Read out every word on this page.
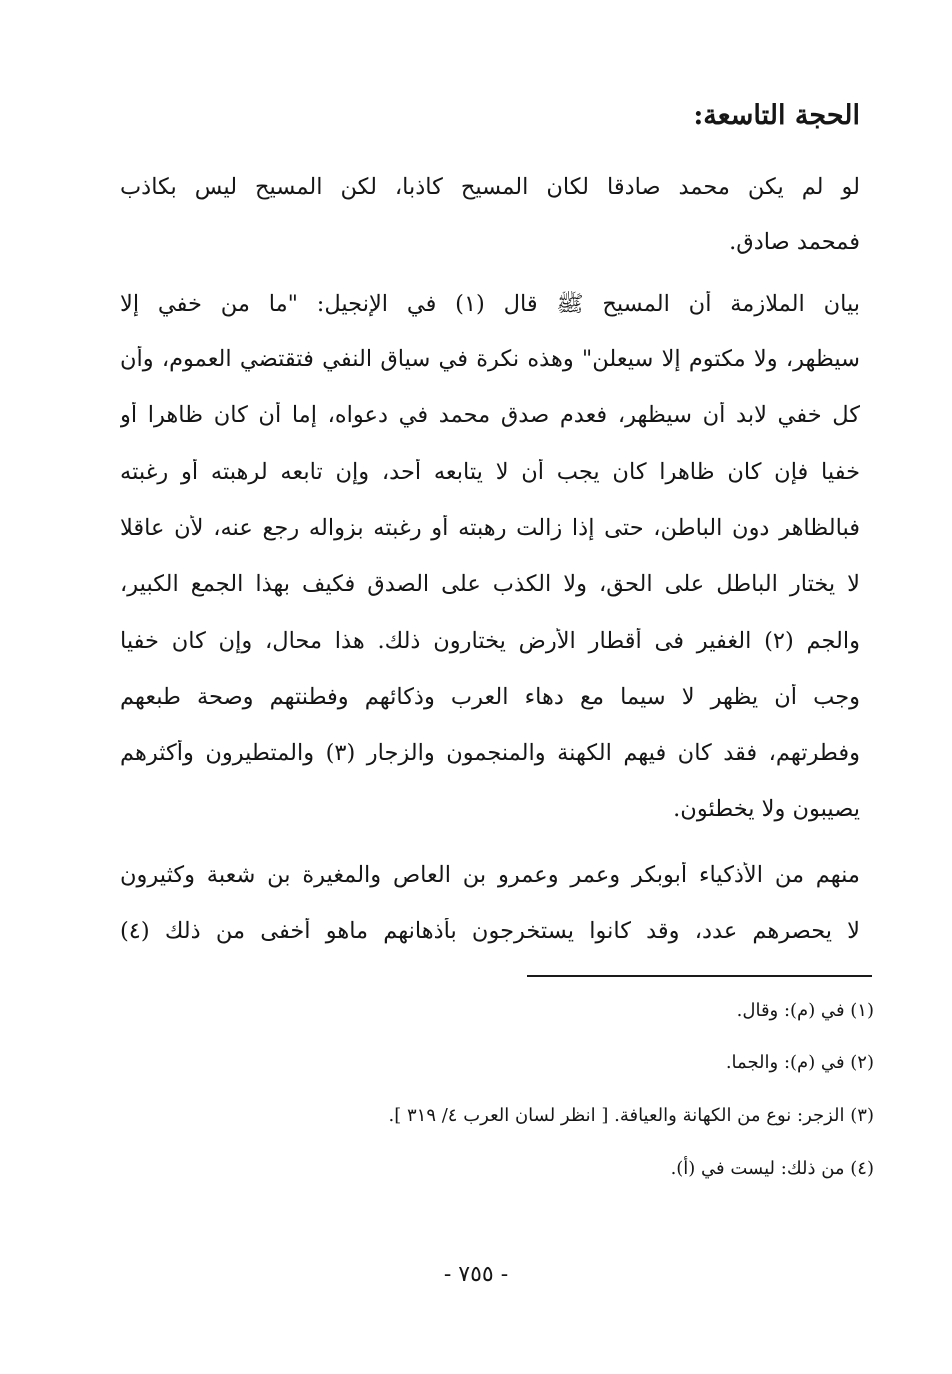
الحجة التاسعة:
لو لم يكن محمد صادقا لكان المسيح كاذبا، لكن المسيح ليس بكاذب
فمحمد صادق.
بيان الملازمة أن المسيح ﷺ قال (١) في الإنجيل: "ما من خفي إلا
سيظهر، ولا مكتوم إلا سيعلن" وهذه نكرة في سياق النفي فتقتضي العموم، وأن
كل خفي لابد أن سيظهر، فعدم صدق محمد في دعواه، إما أن كان ظاهرا أو
خفيا فإن كان ظاهرا كان يجب أن لا يتابعه أحد، وإن تابعه لرهبته أو رغبته
فبالظاهر دون الباطن، حتى إذا زالت رهبته أو رغبته بزواله رجع عنه، لأن عاقلا
لا يختار الباطل على الحق، ولا الكذب على الصدق فكيف بهذا الجمع الكبير،
والجم (٢) الغفير فى أقطار الأرض يختارون ذلك. هذا محال، وإن كان خفيا
وجب أن يظهر لا سيما مع دهاء العرب وذكائهم وفطنتهم وصحة طبعهم
وفطرتهم، فقد كان فيهم الكهنة والمنجمون والزجار (٣) والمتطيرون وأكثرهم
يصيبون ولا يخطئون.
منهم من الأذكياء أبوبكر وعمر وعمرو بن العاص والمغيرة بن شعبة وكثيرون
لا يحصرهم عدد، وقد كانوا يستخرجون بأذهانهم ماهو أخفى من ذلك (٤)
(١) في (م): وقال.
(٢) في (م): والجما.
(٣) الزجر: نوع من الكهانة والعيافة. [ انظر لسان العرب ٤/ ٣١٩ ].
(٤) من ذلك: ليست في (أ).
- ٧٥٥ -
